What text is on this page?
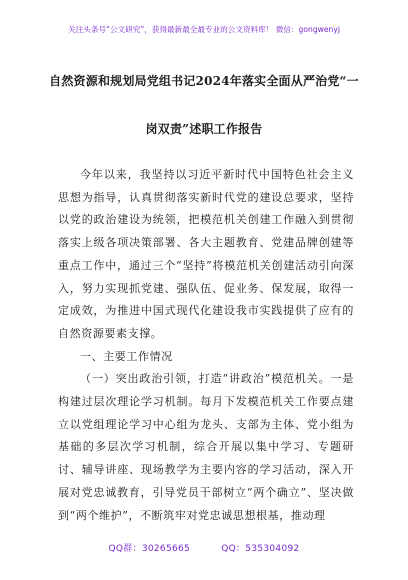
关注头条号“公文研究”，获得最新最全最专业的公文资料库！ 微信：gongwenyj
自然资源和规划局党组书记2024年落实全面从严治党“一
岗双责”述职工作报告

今年以来，我坚持以习近平新时代中国特色社会主义思想为指导，认真贯彻落实新时代党的建设总要求，坚持以党的政治建设为统领，把模范机关创建工作融入到贯彻落实上级各项决策部署、各大主题教育、党建品牌创建等重点工作中，通过三个“坚持”将模范机关创建活动引向深入，努力实现抓党建、强队伍、促业务、保发展，取得一定成效，为推进中国式现代化建设我市实践提供了应有的自然资源要素支撑。

一、主要工作情况

（一）突出政治引领，打造“讲政治”模范机关。一是构建过层次理论学习机制。每月下发模范机关工作要点建立以党组理论学习中心组为龙头、支部为主体、党小组为基础的多层次学习机制，综合开展以集中学习、专题研讨、辅导讲座、现场教学为主要内容的学习活动，深入开展对党忠诚教育，引导党员干部树立“两个确立”、坚决做到“两个维护”，不断筑牢对党忠诚思想根基，推动理

QQ群：30265665	QQ：535304092
